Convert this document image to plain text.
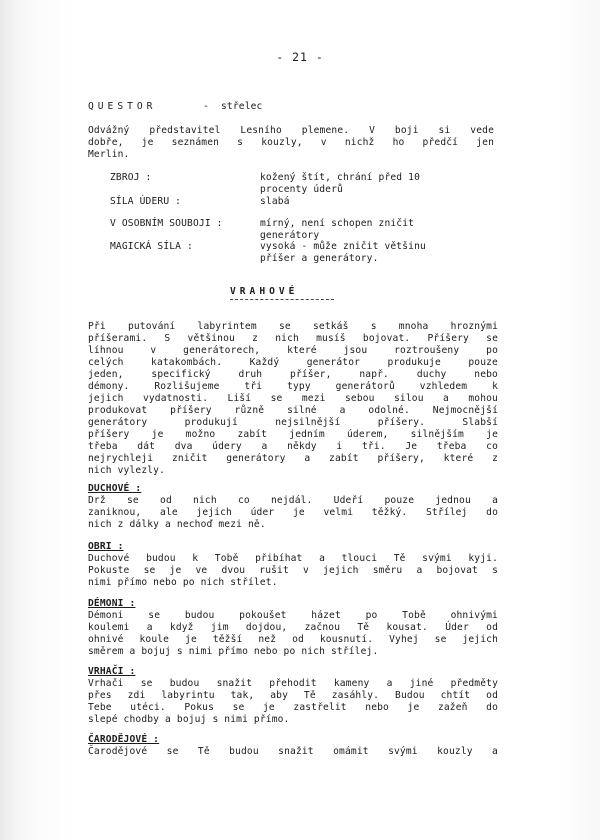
- 21 -
QUESTOR	- střelec
Odvážný představitel Lesního plemene. V boji si vede
dobře, je seznámen s kouzly, v nichž ho předčí jen
Merlin.
ZBROJ :	kožený štít, chrání před 10
procenty úderů
SÍLA ÚDERU :	slabá
V OSOBNÍM SOUBOJI :	mírný, není schopen zničit
generátory
MAGICKÁ SÍLA :	vysoká - může zničit většinu
příšer a generátory.
VRAHOVÉ
Při putování labyrintem se setkáš s mnoha hroznými
příšerami. S většinou z nich musíš bojovat. Příšery se
líhnou v generátorech, které jsou roztroušeny po
celých katakombách. Každý generátor produkuje pouze
jeden, specifický druh příšer, např. duchy nebo
démony. Rozlišujeme tři typy generátorů vzhledem k
jejich vydatnosti. Liší se mezi sebou silou a mohou
produkovat příšery různě silné a odolné. Nejmocnější
generátory produkují nejsilnější příšery. Slabší
příšery je možno zabít jedním úderem, silnějším je
třeba dát dva údery a někdy i tři. Je třeba co
nejrychleji zničit generátory a zabít příšery, které z
nich vylezly.
DUCHOVÉ :
Drž se od nich co nejdál. Udeří pouze jednou a
zaniknou, ale jejich úder je velmi těžký. Střílej do
nich z dálky a nechoď mezi ně.
OBRI :
Duchové budou k Tobě přibíhat a tlouci Tě svými kyji.
Pokuste se je ve dvou rušit v jejich směru a bojovat s
nimi přímo nebo po nich střílet.
DÉMONI :
Démoni se budou pokoušet házet po Tobě ohnivými
koulemi a když jim dojdou, začnou Tě kousat. Úder od
ohnivé koule je těžší než od kousnutí. Vyhej se jejich
směrem a bojuj s nimi přímo nebo po nich střílej.
VRHAČI :
Vrhači se budou snažit přehodit kameny a jiné předměty
přes zdi labyrintu tak, aby Tě zasáhly. Budou chtít od
Tebe utéci. Pokus se je zastřelit nebo je zažeň do
slepé chodby a bojuj s nimi přímo.
ČARODĚJOVÉ :
Čarodějové se Tě budou snažit omámit svými kouzly a
